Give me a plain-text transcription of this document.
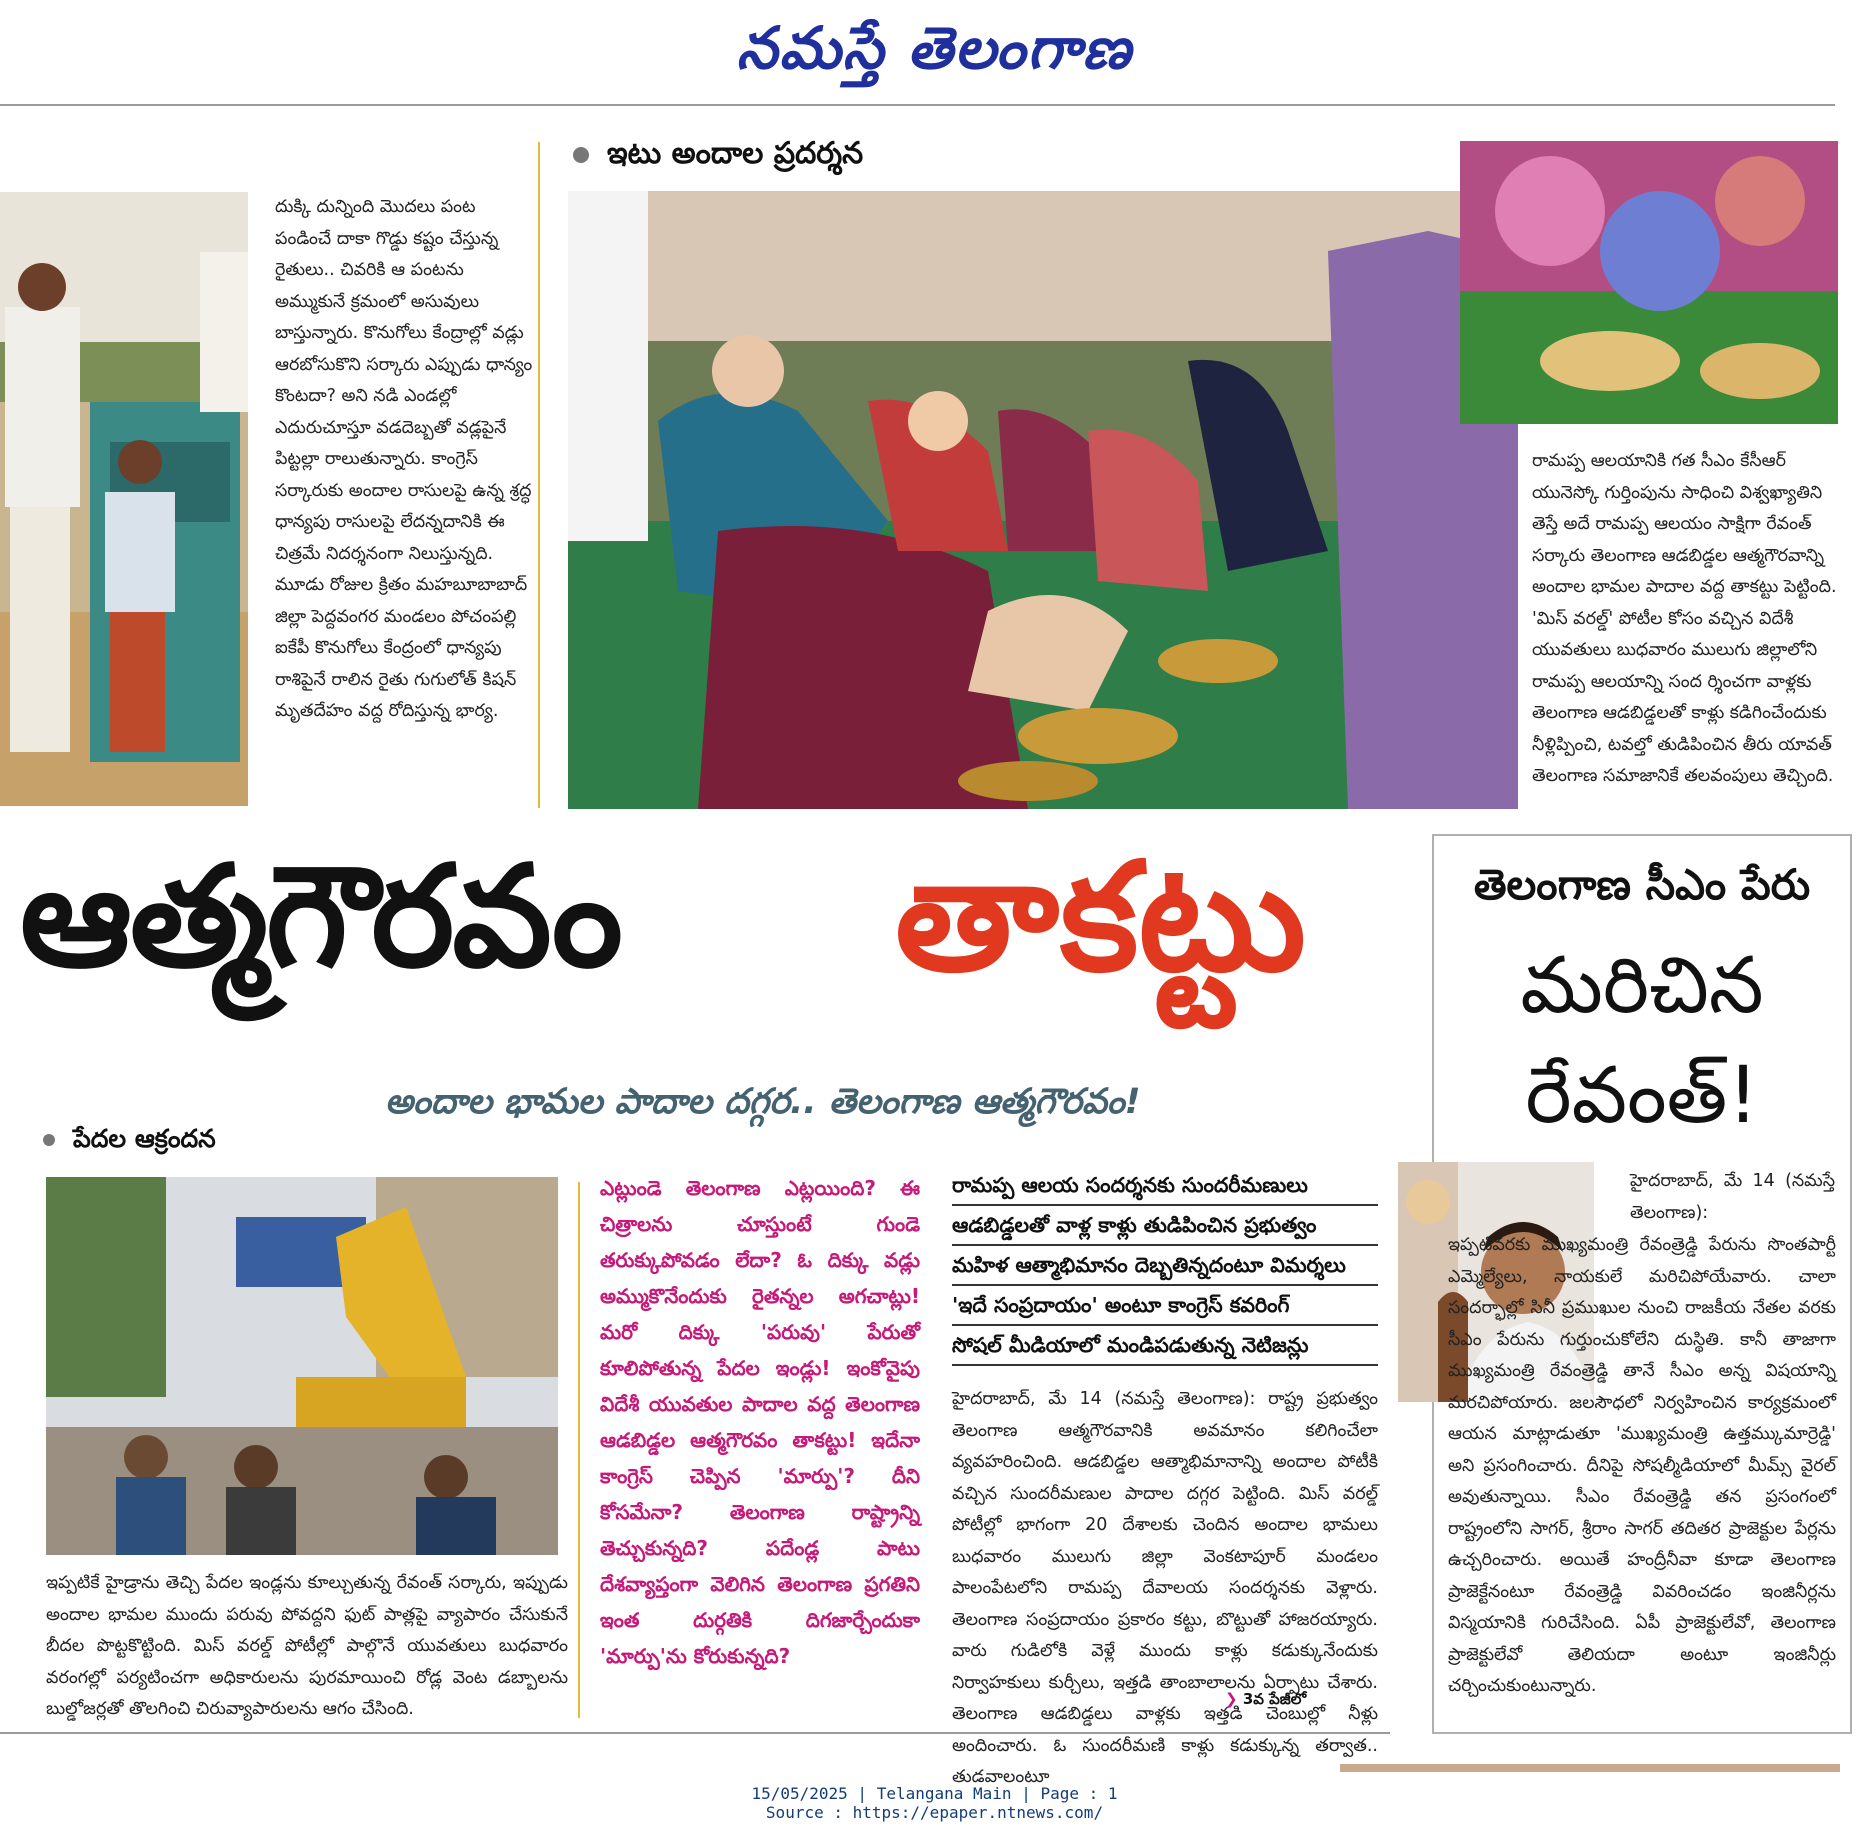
నమస్తే తెలంగాణ
దుక్కి దున్నింది మొదలు పంట పండించే దాకా గొడ్డు కష్టం చేస్తున్న రైతులు.. చివరికి ఆ పంటను అమ్ముకునే క్రమంలో అసువులు బాస్తున్నారు. కొనుగోలు కేంద్రాల్లో వడ్లు ఆరబోసుకొని సర్కారు ఎప్పుడు ధాన్యం కొంటదా? అని నడి ఎండల్లో ఎదురుచూస్తూ వడదెబ్బతో వడ్లపైనే పిట్టల్లా రాలుతున్నారు. కాంగ్రెస్ సర్కారుకు అందాల రాసులపై ఉన్న శ్రద్ధ ధాన్యపు రాసులపై లేదన్నదానికి ఈ చిత్రమే నిదర్శనంగా నిలుస్తున్నది. మూడు రోజుల క్రితం మహబూబాబాద్ జిల్లా పెద్దవంగర మండలం పోచంపల్లి ఐకేపీ కొనుగోలు కేంద్రంలో ధాన్యపు రాశిపైనే రాలిన రైతు గుగులోత్ కిషన్ మృతదేహం వద్ద రోదిస్తున్న భార్య.
ఇటు అందాల ప్రదర్శన
రామప్ప ఆలయానికి గత సీఎం కేసీఆర్ యునెస్కో గుర్తింపును సాధించి విశ్వఖ్యాతిని తెస్తే అదే రామప్ప ఆలయం సాక్షిగా రేవంత్ సర్కారు తెలంగాణ ఆడబిడ్డల ఆత్మగౌరవాన్ని అందాల భామల పాదాల వద్ద తాకట్టు పెట్టింది. 'మిస్ వరల్డ్' పోటీల కోసం వచ్చిన విదేశీ యువతులు బుధవారం ములుగు జిల్లాలోని రామప్ప ఆలయాన్ని సంద ర్శించగా వాళ్లకు తెలంగాణ ఆడబిడ్డలతో కాళ్లు కడిగించేందుకు నీళ్లిప్పించి, టవల్తో తుడిపించిన తీరు యావత్ తెలంగాణ సమాజానికే తలవంపులు తెచ్చింది.
ఆత్మగౌరవం	తాకట్టు
అందాల భామల పాదాల దగ్గర.. తెలంగాణ ఆత్మగౌరవం!
తెలంగాణ సీఎం పేరు
మరిచిన
రేవంత్!
హైదరాబాద్, మే 14 (నమస్తే తెలంగాణ):
ఇప్పటివరకు ముఖ్యమంత్రి రేవంత్రెడ్డి పేరును సొంతపార్టీ ఎమ్మెల్యేలు, నాయకులే మరిచిపోయేవారు. చాలా సందర్భాల్లో సినీ ప్రముఖుల నుంచి రాజకీయ నేతల వరకు సీఎం పేరును గుర్తుంచుకోలేని దుస్థితి. కానీ తాజాగా ముఖ్యమంత్రి రేవంత్రెడ్డి తానే సీఎం అన్న విషయాన్ని మరచిపోయారు. జలసౌధలో నిర్వహించిన కార్యక్రమంలో ఆయన మాట్లాడుతూ 'ముఖ్యమంత్రి ఉత్తమ్కుమార్రెడ్డి' అని ప్రసంగించారు. దీనిపై సోషల్మీడియాలో మీమ్స్ వైరల్ అవుతున్నాయి. సీఎం రేవంత్రెడ్డి తన ప్రసంగంలో రాష్ట్రంలోని సాగర్, శ్రీరాం సాగర్ తదితర ప్రాజెక్టుల పేర్లను ఉచ్చరించారు. అయితే హంద్రీనీవా కూడా తెలంగాణ ప్రాజెక్టేనంటూ రేవంత్రెడ్డి వివరించడం ఇంజినీర్లను విస్మయానికి గురిచేసింది. ఏపీ ప్రాజెక్టులేవో, తెలంగాణ ప్రాజెక్టులేవో తెలియదా అంటూ ఇంజినీర్లు చర్చించుకుంటున్నారు.
పేదల ఆక్రందన
ఇప్పటికే హైడ్రాను తెచ్చి పేదల ఇండ్లను కూల్చుతున్న రేవంత్ సర్కారు, ఇప్పుడు అందాల భామల ముందు పరువు పోవద్దని ఫుట్ పాత్లపై వ్యాపారం చేసుకునే బీదల పొట్టకొట్టింది. మిస్ వరల్డ్ పోటీల్లో పాల్గొనే యువతులు బుధవారం వరంగల్లో పర్యటించగా అధికారులను పురమాయించి రోడ్ల వెంట డబ్బాలను బుల్డోజర్లతో తొలగించి చిరువ్యాపారులను ఆగం చేసింది.
ఎట్లుండె తెలంగాణ ఎట్లయింది? ఈ చిత్రాలను చూస్తుంటే గుండె తరుక్కుపోవడం లేదా? ఓ దిక్కు వడ్లు అమ్ముకొనేందుకు రైతన్నల అగచాట్లు! మరో దిక్కు 'పరువు' పేరుతో కూలిపోతున్న పేదల ఇండ్లు! ఇంకోవైపు విదేశీ యువతుల పాదాల వద్ద తెలంగాణ ఆడబిడ్డల ఆత్మగౌరవం తాకట్టు! ఇదేనా కాంగ్రెస్ చెప్పిన 'మార్పు'? దీని కోసమేనా? తెలంగాణ రాష్ట్రాన్ని తెచ్చుకున్నది? పదేండ్ల పాటు దేశవ్యాప్తంగా వెలిగిన తెలంగాణ ప్రగతిని ఇంత దుర్గతికి దిగజార్చేందుకా 'మార్పు'ను కోరుకున్నది?
రామప్ప ఆలయ సందర్శనకు సుందరీమణులు
ఆడబిడ్డలతో వాళ్ల కాళ్లు తుడిపించిన ప్రభుత్వం
మహిళ ఆత్మాభిమానం దెబ్బతిన్నదంటూ విమర్శలు
'ఇదే సంప్రదాయం' అంటూ కాంగ్రెస్ కవరింగ్
సోషల్ మీడియాలో మండిపడుతున్న నెటిజన్లు
హైదరాబాద్, మే 14 (నమస్తే తెలంగాణ): రాష్ట్ర ప్రభుత్వం తెలంగాణ ఆత్మగౌరవానికి అవమానం కలిగించేలా వ్యవహరించింది. ఆడబిడ్డల ఆత్మాభిమానాన్ని అందాల పోటీకి వచ్చిన సుందరీమణుల పాదాల దగ్గర పెట్టింది. మిస్ వరల్డ్ పోటీల్లో భాగంగా 20 దేశాలకు చెందిన అందాల భామలు బుధవారం ములుగు జిల్లా వెంకటాపూర్ మండలం పాలంపేటలోని రామప్ప దేవాలయ సందర్శనకు వెళ్లారు. తెలంగాణ సంప్రదాయం ప్రకారం కట్టు, బొట్టుతో హాజరయ్యారు. వారు గుడిలోకి వెళ్లే ముందు కాళ్లు కడుక్కునేందుకు నిర్వాహకులు కుర్చీలు, ఇత్తడి తాంబాలాలను ఏర్పాటు చేశారు. తెలంగాణ ఆడబిడ్డలు వాళ్లకు ఇత్తడి చెంబుల్లో నీళ్లు అందించారు. ఓ సుందరీమణి కాళ్లు కడుక్కున్న తర్వాత.. తుడవాలంటూ
❯ 3వ పేజీలో
15/05/2025 | Telangana Main | Page : 1
Source : https://epaper.ntnews.com/
